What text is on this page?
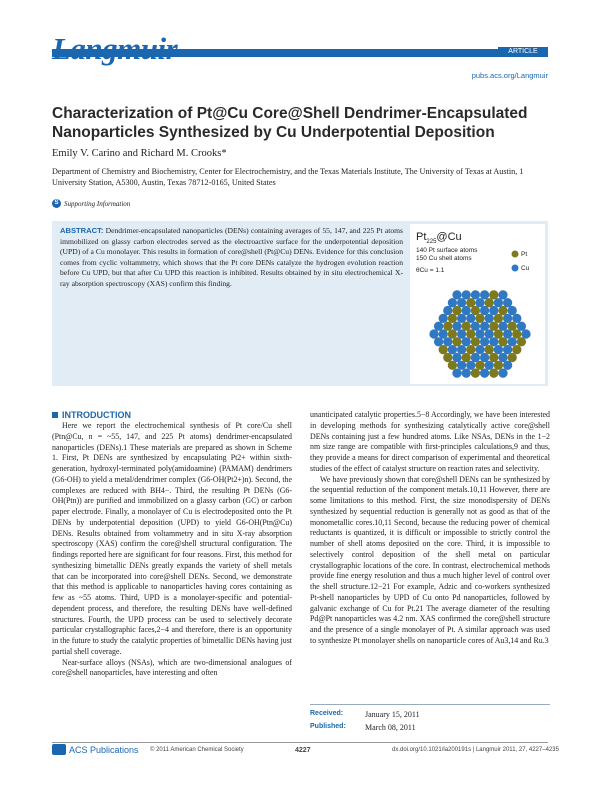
ARTICLE
pubs.acs.org/Langmuir
Characterization of Pt@Cu Core@Shell Dendrimer-Encapsulated Nanoparticles Synthesized by Cu Underpotential Deposition
Emily V. Carino and Richard M. Crooks*
Department of Chemistry and Biochemistry, Center for Electrochemistry, and the Texas Materials Institute, The University of Texas at Austin, 1 University Station, A5300, Austin, Texas 78712-0165, United States
S Supporting Information
ABSTRACT: Dendrimer-encapsulated nanoparticles (DENs) containing averages of 55, 147, and 225 Pt atoms immobilized on glassy carbon electrodes served as the electroactive surface for the underpotential deposition (UPD) of a Cu monolayer. This results in formation of core@shell (Pt@Cu) DENs. Evidence for this conclusion comes from cyclic voltammetry, which shows that the Pt core DENs catalyze the hydrogen evolution reaction before Cu UPD, but that after Cu UPD this reaction is inhibited. Results obtained by in situ electrochemical X-ray absorption spectroscopy (XAS) confirm this finding.
$Pt_{225}@Cu$
140 Pt surface atoms
150 Cu shell atoms
θCu = 1.1
Pt
Cu
INTRODUCTION

Here we report the electrochemical synthesis of Pt core/Cu shell (Ptn@Cu, n = ~55, 147, and 225 Pt atoms) dendrimer-encapsulated nanoparticles (DENs).1 These materials are prepared as shown in Scheme 1. First, Pt DENs are synthesized by encapsulating Pt2+ within sixth-generation, hydroxyl-terminated poly(amidoamine) (PAMAM) dendrimers (G6-OH) to yield a metal/dendrimer complex (G6-OH(Pt2+)n). Second, the complexes are reduced with BH4−. Third, the resulting Pt DENs (G6-OH(Ptn)) are purified and immobilized on a glassy carbon (GC) or carbon paper electrode. Finally, a monolayer of Cu is electrodeposited onto the Pt DENs by underpotential deposition (UPD) to yield G6-OH(Ptn@Cu) DENs. Results obtained from voltammetry and in situ X-ray absorption spectroscopy (XAS) confirm the core@shell structural configuration. The findings reported here are significant for four reasons. First, this method for synthesizing bimetallic DENs greatly expands the variety of shell metals that can be incorporated into core@shell DENs. Second, we demonstrate that this method is applicable to nanoparticles having cores containing as few as ~55 atoms. Third, UPD is a monolayer-specific and potential-dependent process, and therefore, the resulting DENs have well-defined structures. Fourth, the UPD process can be used to selectively decorate particular crystallographic faces,2−4 and therefore, there is an opportunity in the future to study the catalytic properties of bimetallic DENs having just partial shell coverage.

Near-surface alloys (NSAs), which are two-dimensional analogues of core@shell nanoparticles, have interesting and often

unanticipated catalytic properties.5−8 Accordingly, we have been interested in developing methods for synthesizing catalytically active core@shell DENs containing just a few hundred atoms. Like NSAs, DENs in the 1−2 nm size range are compatible with first-principles calculations,9 and thus, they provide a means for direct comparison of experimental and theoretical studies of the effect of catalyst structure on reaction rates and selectivity.

We have previously shown that core@shell DENs can be synthesized by the sequential reduction of the component metals.10,11 However, there are some limitations to this method. First, the size monodispersity of DENs synthesized by sequential reduction is generally not as good as that of the monometallic cores.10,11 Second, because the reducing power of chemical reductants is quantized, it is difficult or impossible to strictly control the number of shell atoms deposited on the core. Third, it is impossible to selectively control deposition of the shell metal on particular crystallographic locations of the core. In contrast, electrochemical methods provide fine energy resolution and thus a much higher level of control over the shell structure.12−21 For example, Adzic and co-workers synthesized Pt-shell nanoparticles by UPD of Cu onto Pd nanoparticles, followed by galvanic exchange of Cu for Pt.21 The average diameter of the resulting Pd@Pt nanoparticles was 4.2 nm. XAS confirmed the core@shell structure and the presence of a single monolayer of Pt. A similar approach was used to synthesize Pt monolayer shells on nanoparticle cores of Au3,14 and Ru.3

Received:	January 15, 2011
Published:	March 08, 2011
ACS Publications © 2011 American Chemical Society	4227	dx.doi.org/10.1021/la200191s | Langmuir 2011, 27, 4227–4235
